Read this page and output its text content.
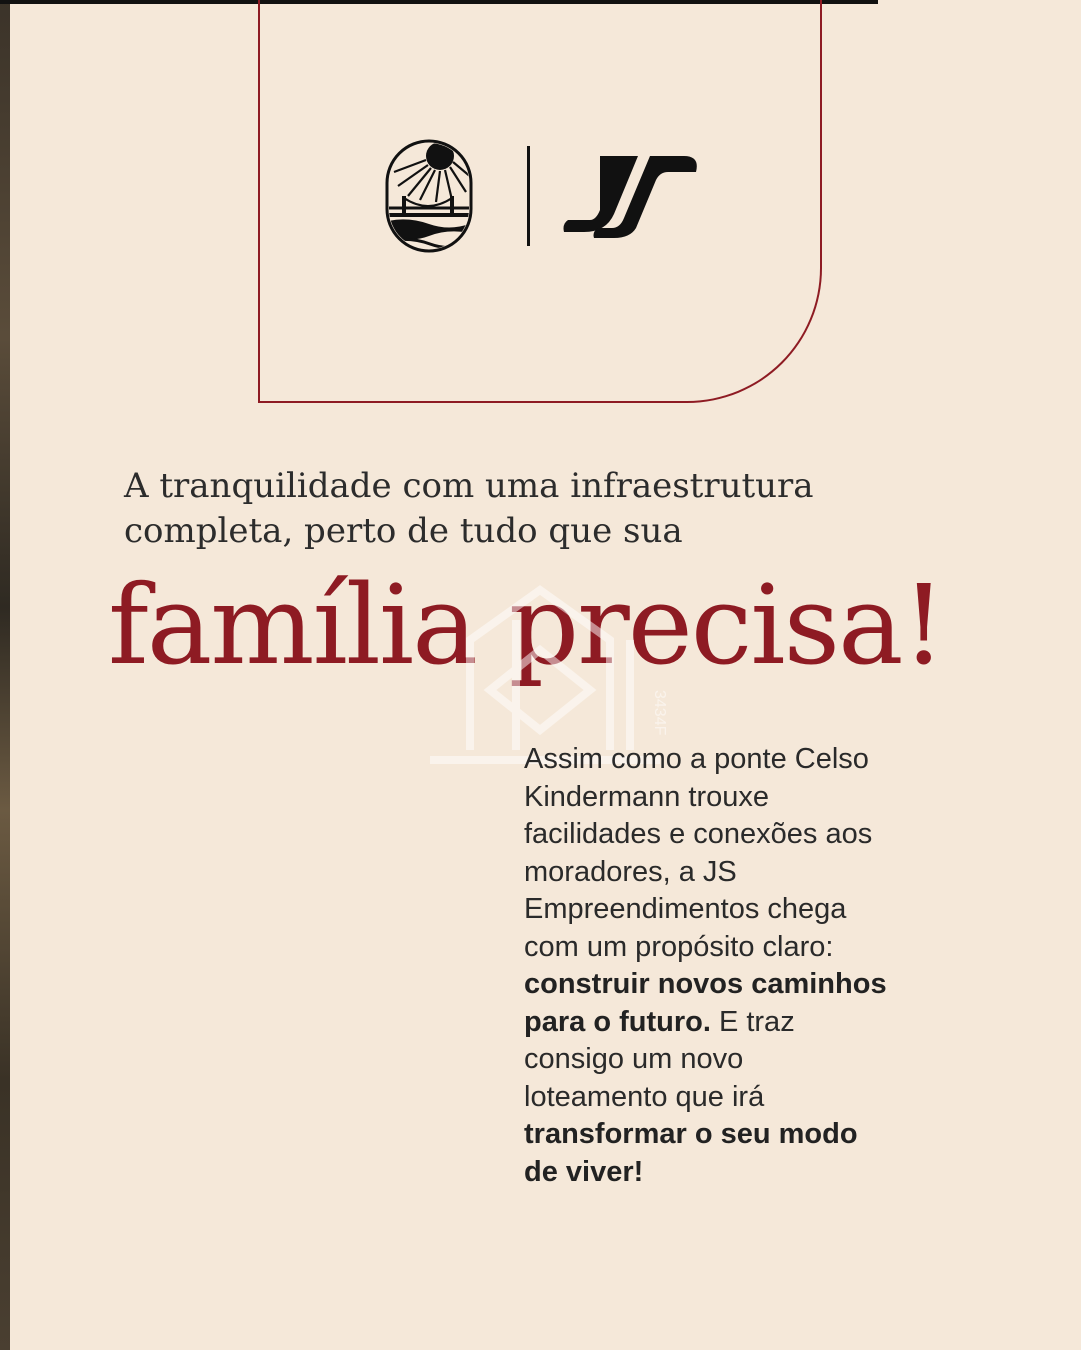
A tranquilidade com uma infraestrutura
completa, perto de tudo que sua
família precisa!
3434F

Assim como a ponte Celso
Kindermann trouxe
facilidades e conexões aos
moradores, a JS
Empreendimentos chega
com um propósito claro:
construir novos caminhos
para o futuro. E traz
consigo um novo
loteamento que irá
transformar o seu modo
de viver!
